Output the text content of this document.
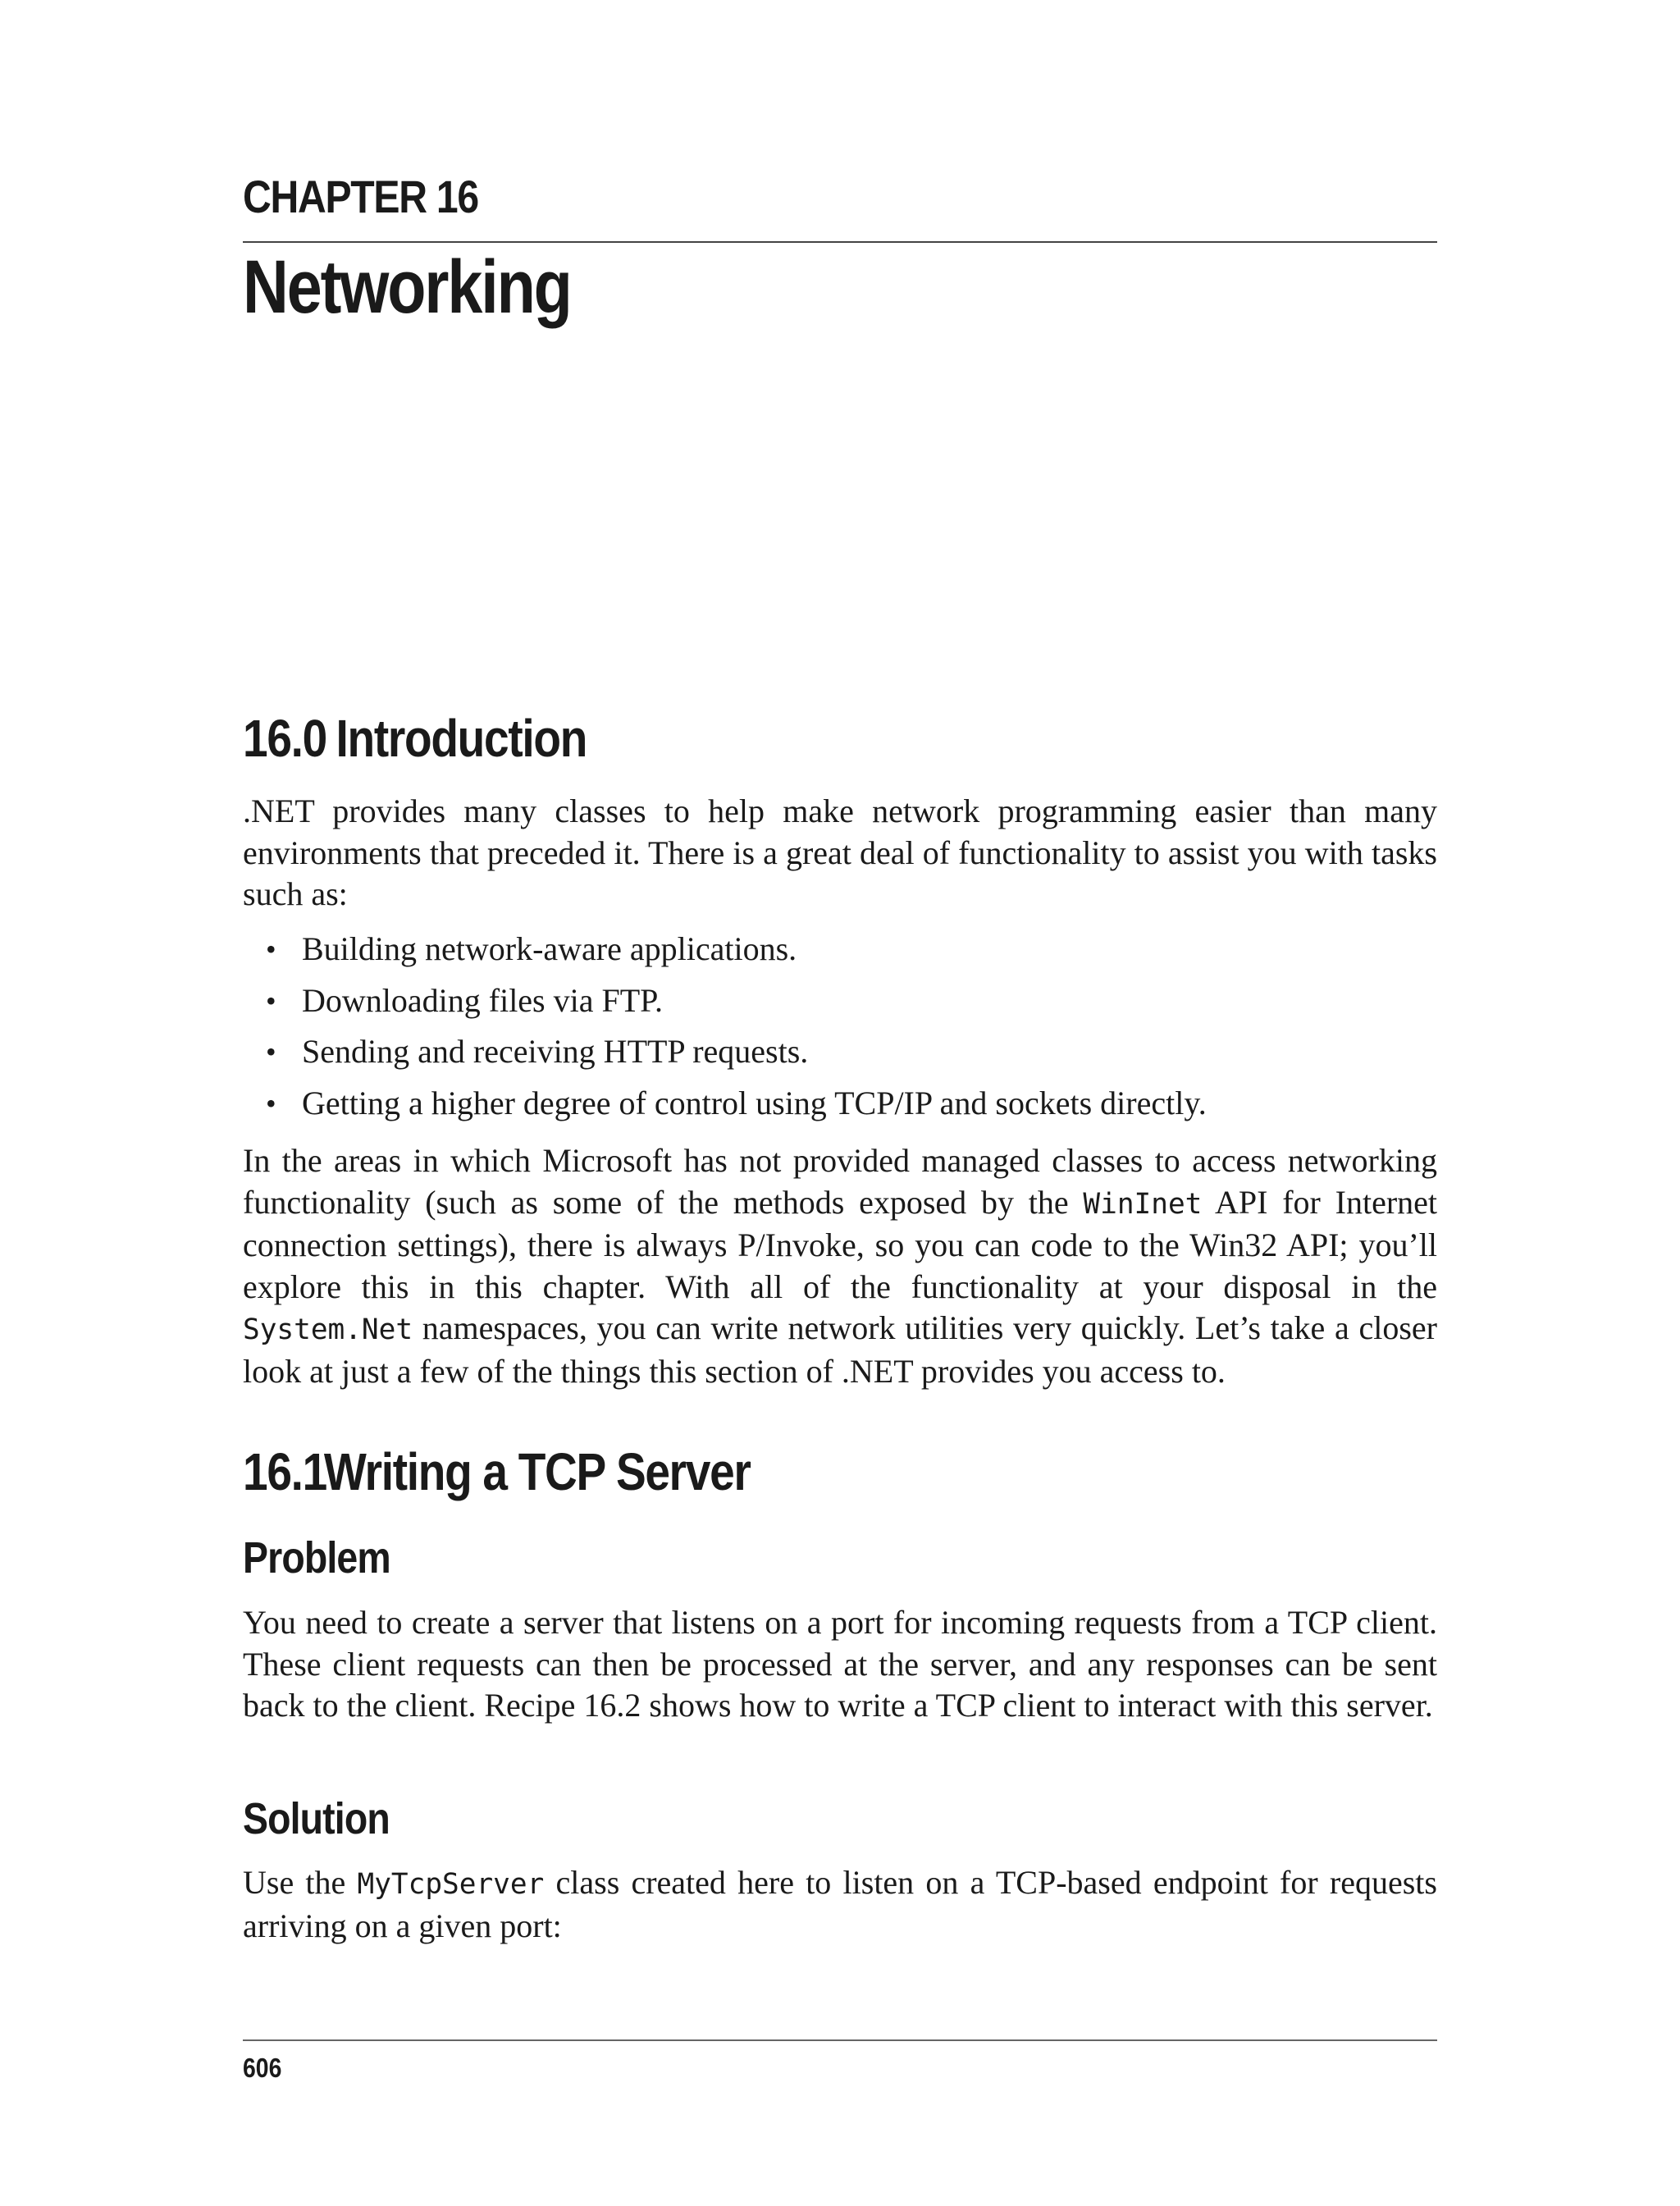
CHAPTER 16
Networking
16.0 Introduction

.NET provides many classes to help make network programming easier than many environments that preceded it. There is a great deal of functionality to assist you with tasks such as:

• Building network-aware applications.
• Downloading files via FTP.
• Sending and receiving HTTP requests.
• Getting a higher degree of control using TCP/IP and sockets directly.

In the areas in which Microsoft has not provided managed classes to access networking functionality (such as some of the methods exposed by the WinInet API for Internet connection settings), there is always P/Invoke, so you can code to the Win32 API; you’ll explore this in this chapter. With all of the functionality at your disposal in the System.Net namespaces, you can write network utilities very quickly. Let’s take a closer look at just a few of the things this section of .NET provides you access to.

16.1Writing a TCP Server
Problem

You need to create a server that listens on a port for incoming requests from a TCP client. These client requests can then be processed at the server, and any responses can be sent back to the client. Recipe 16.2 shows how to write a TCP client to interact with this server.

Solution

Use the MyTcpServer class created here to listen on a TCP-based endpoint for requests arriving on a given port:

606
